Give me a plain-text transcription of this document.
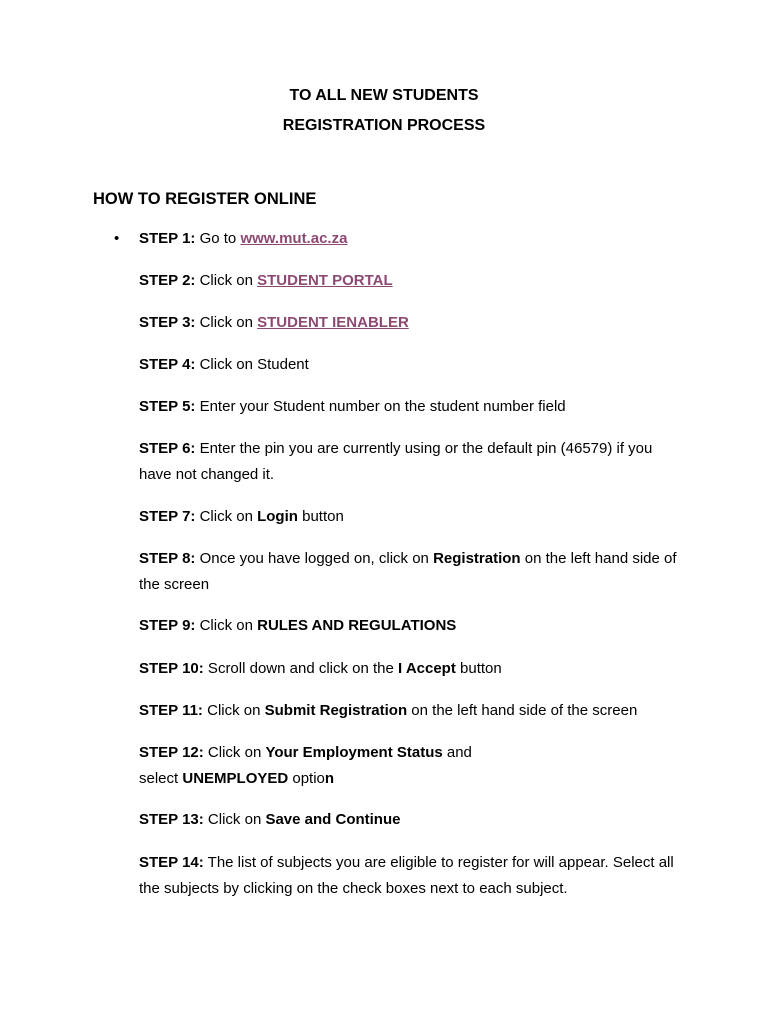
TO ALL NEW STUDENTS
REGISTRATION PROCESS
HOW TO REGISTER ONLINE
• STEP 1: Go to www.mut.ac.za
STEP 2: Click on STUDENT PORTAL
STEP 3: Click on STUDENT IENABLER
STEP 4: Click on Student
STEP 5: Enter your Student number on the student number field
STEP 6: Enter the pin you are currently using or the default pin (46579) if you have not changed it.
STEP 7: Click on Login button
STEP 8: Once you have logged on, click on Registration on the left hand side of the screen
STEP 9: Click on RULES AND REGULATIONS
STEP 10: Scroll down and click on the I Accept button
STEP 11: Click on Submit Registration on the left hand side of the screen
STEP 12: Click on Your Employment Status and
select UNEMPLOYED option
STEP 13: Click on Save and Continue
STEP 14: The list of subjects you are eligible to register for will appear. Select all the subjects by clicking on the check boxes next to each subject.
